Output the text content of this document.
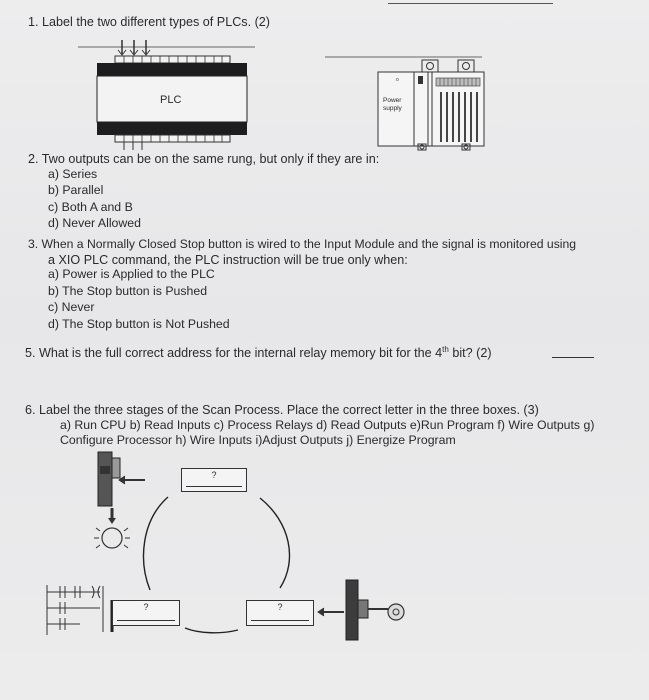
1. Label the two different types of PLCs. (2)
o
PLC	Power
supply
2. Two outputs can be on the same rung, but only if they are in:
a) Series
b) Parallel
c) Both A and B
d) Never Allowed
3. When a Normally Closed Stop button is wired to the Input Module and the signal is monitored using
a XIO PLC command, the PLC instruction will be true only when:
a) Power is Applied to the PLC
b) The Stop button is Pushed
c) Never
d) The Stop button is Not Pushed
5. What is the full correct address for the internal relay memory bit for the 4th bit? (2)
6. Label the three stages of the Scan Process. Place the correct letter in the three boxes. (3)
a) Run CPU b) Read Inputs c) Process Relays d) Read Outputs e)Run Program f) Wire Outputs g)
Configure Processor h) Wire Inputs i)Adjust Outputs j) Energize Program
?
?	?
